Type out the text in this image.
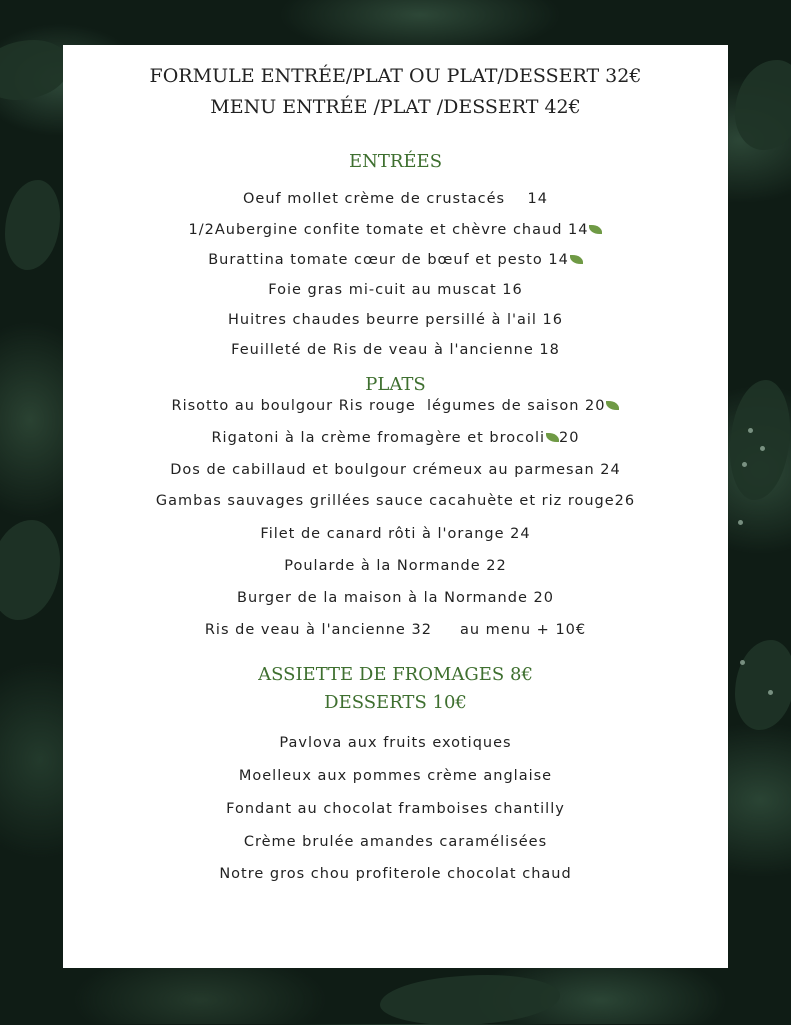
FORMULE ENTRÉE/PLAT OU PLAT/DESSERT 32€
MENU ENTRÉE /PLAT /DESSERT 42€
ENTRÉES
Oeuf mollet crème de crustacés    14
1/2Aubergine confite tomate et chèvre chaud 14
Burattina tomate cœur de bœuf et pesto 14
Foie gras mi-cuit au muscat 16
Huitres chaudes beurre persillé à l'ail 16
Feuilleté de Ris de veau à l'ancienne 18
PLATS
Risotto au boulgour Ris rouge  légumes de saison 20
Rigatoni à la crème fromagère et brocoli 20
Dos de cabillaud et boulgour crémeux au parmesan 24
Gambas sauvages grillées sauce cacahuète et riz rouge26
Filet de canard rôti à l'orange 24
Poularde à la Normande 22
Burger de la maison à la Normande 20
Ris de veau à l'ancienne 32     au menu + 10€
ASSIETTE DE FROMAGES 8€
DESSERTS 10€
Pavlova aux fruits exotiques
Moelleux aux pommes crème anglaise
Fondant au chocolat framboises chantilly
Crème brulée amandes caramélisées
Notre gros chou profiterole chocolat chaud
